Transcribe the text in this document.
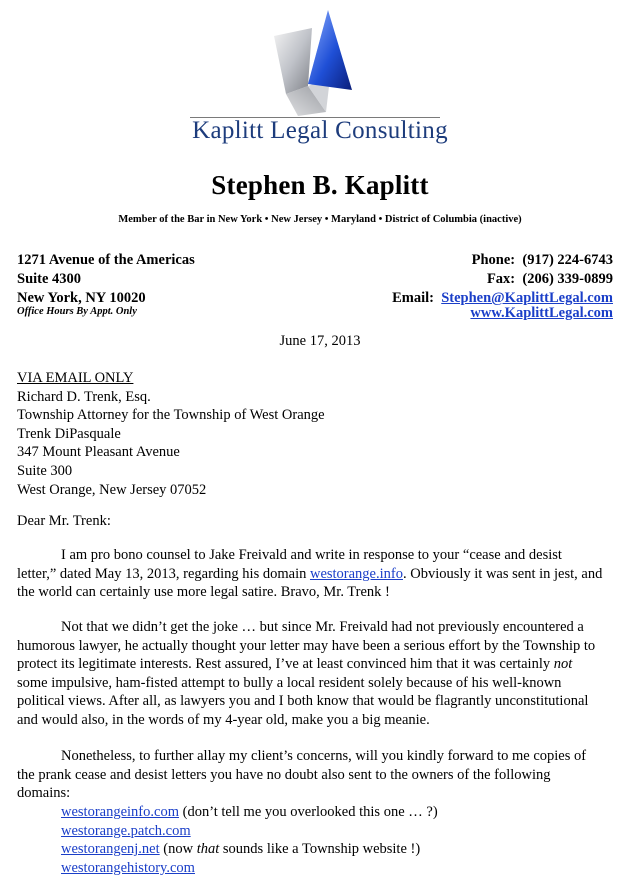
Kaplitt Legal Consulting
Stephen B. Kaplitt
Member of the Bar in New York • New Jersey • Maryland • District of Columbia (inactive)
1271 Avenue of the Americas
Suite 4300
New York, NY 10020
Office Hours By Appt. Only
Phone: (917) 224-6743
Fax: (206) 339-0899
Email: Stephen@KaplittLegal.com
www.KaplittLegal.com
June 17, 2013
VIA EMAIL ONLY
Richard D. Trenk, Esq.
Township Attorney for the Township of West Orange
Trenk DiPasquale
347 Mount Pleasant Avenue
Suite 300
West Orange, New Jersey 07052
Dear Mr. Trenk:
I am pro bono counsel to Jake Freivald and write in response to your “cease and desist
letter,” dated May 13, 2013, regarding his domain westorange.info. Obviously it was sent in jest, and
the world can certainly use more legal satire. Bravo, Mr. Trenk !
Not that we didn’t get the joke … but since Mr. Freivald had not previously encountered a
humorous lawyer, he actually thought your letter may have been a serious effort by the Township to
protect its legitimate interests. Rest assured, I’ve at least convinced him that it was certainly not
some impulsive, ham-fisted attempt to bully a local resident solely because of his well-known
political views. After all, as lawyers you and I both know that would be flagrantly unconstitutional
and would also, in the words of my 4-year old, make you a big meanie.
Nonetheless, to further allay my client’s concerns, will you kindly forward to me copies of
the prank cease and desist letters you have no doubt also sent to the owners of the following
domains:
westorangeinfo.com (don’t tell me you overlooked this one … ?)
westorange.patch.com
westorangenj.net (now that sounds like a Township website !)
westorangehistory.com
